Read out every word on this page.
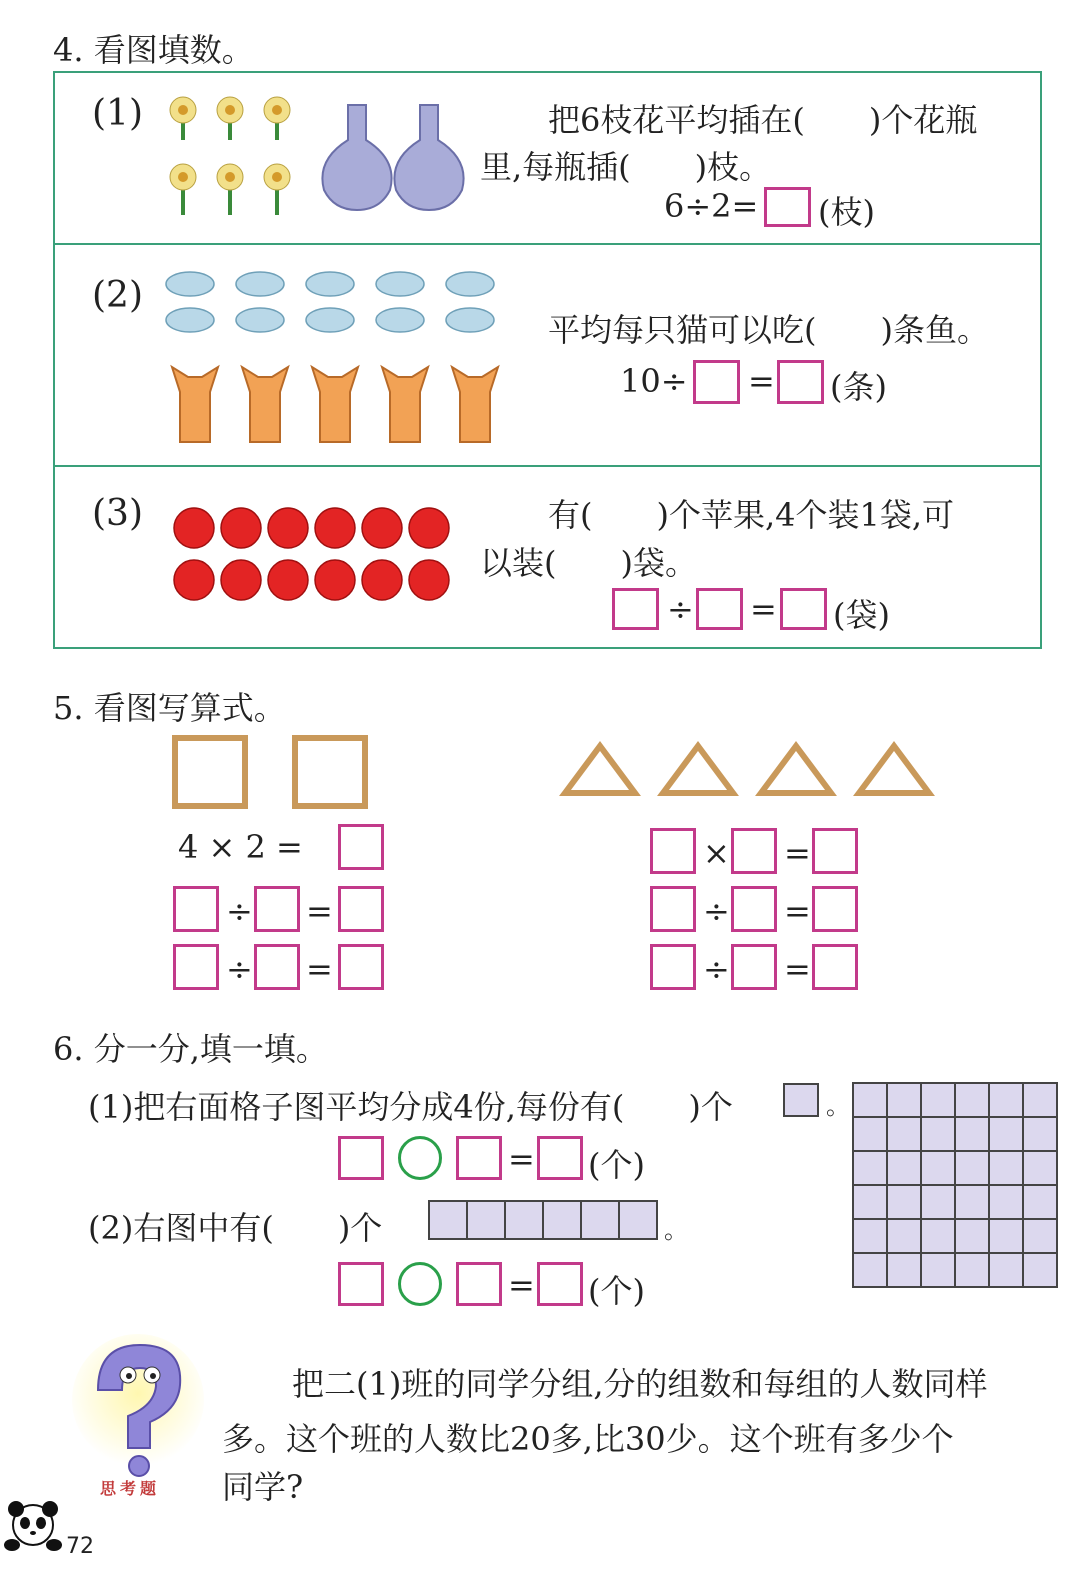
4. 看图填数。
(1)	把6枝花平均插在(　　)个花瓶
里,每瓶插(　　)枝。
6÷2= (枝)
(2)
平均每只猫可以吃(　　)条鱼。
10÷ = (条)
(3)	有(　　)个苹果,4个装1袋,可
以装(　　)袋。
÷ = (袋)
5. 看图写算式。
4 × 2 =
÷ =
÷ =
× =
÷ =
÷ =
6. 分一分,填一填。
(1)把右面格子图平均分成4份,每份有(　　)个	。
= (个)
(2)右图中有(　　)个	。
= (个)
思考题
把二(1)班的同学分组,分的组数和每组的人数同样
多。这个班的人数比20多,比30少。这个班有多少个
同学?
72
